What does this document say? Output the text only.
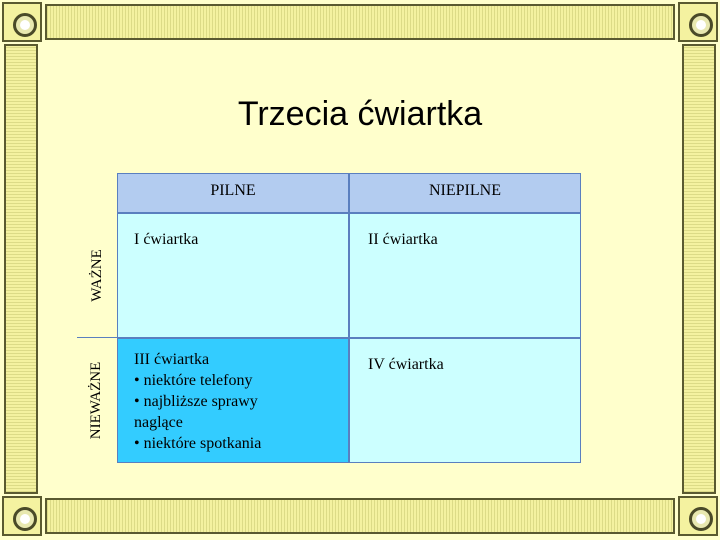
Trzecia ćwiartka
PILNE	NIEPILNE
WAŻNE
NIEWAŻNE
I ćwiartka	II ćwiartka
III ćwiartka
• niektóre telefony
• najbliższe sprawy
naglące
• niektóre spotkania
IV ćwiartka
